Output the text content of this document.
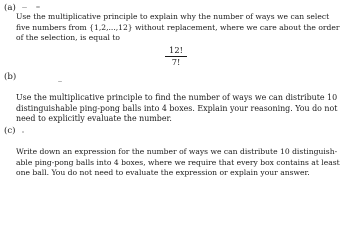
(a)
Use the multiplicative principle to explain why the number of ways we can select
five numbers from {1,2,...,12} without replacement, where we care about the order
of the selection, is equal to
12!
7!
(b)
Use the multiplicative principle to find the number of ways we can distribute 10
distinguishable ping-pong balls into 4 boxes. Explain your reasoning. You do not
need to explicitly evaluate the number.
(c)
Write down an expression for the number of ways we can distribute 10 distinguish-
able ping-pong balls into 4 boxes, where we require that every box contains at least
one ball. You do not need to evaluate the expression or explain your answer.
